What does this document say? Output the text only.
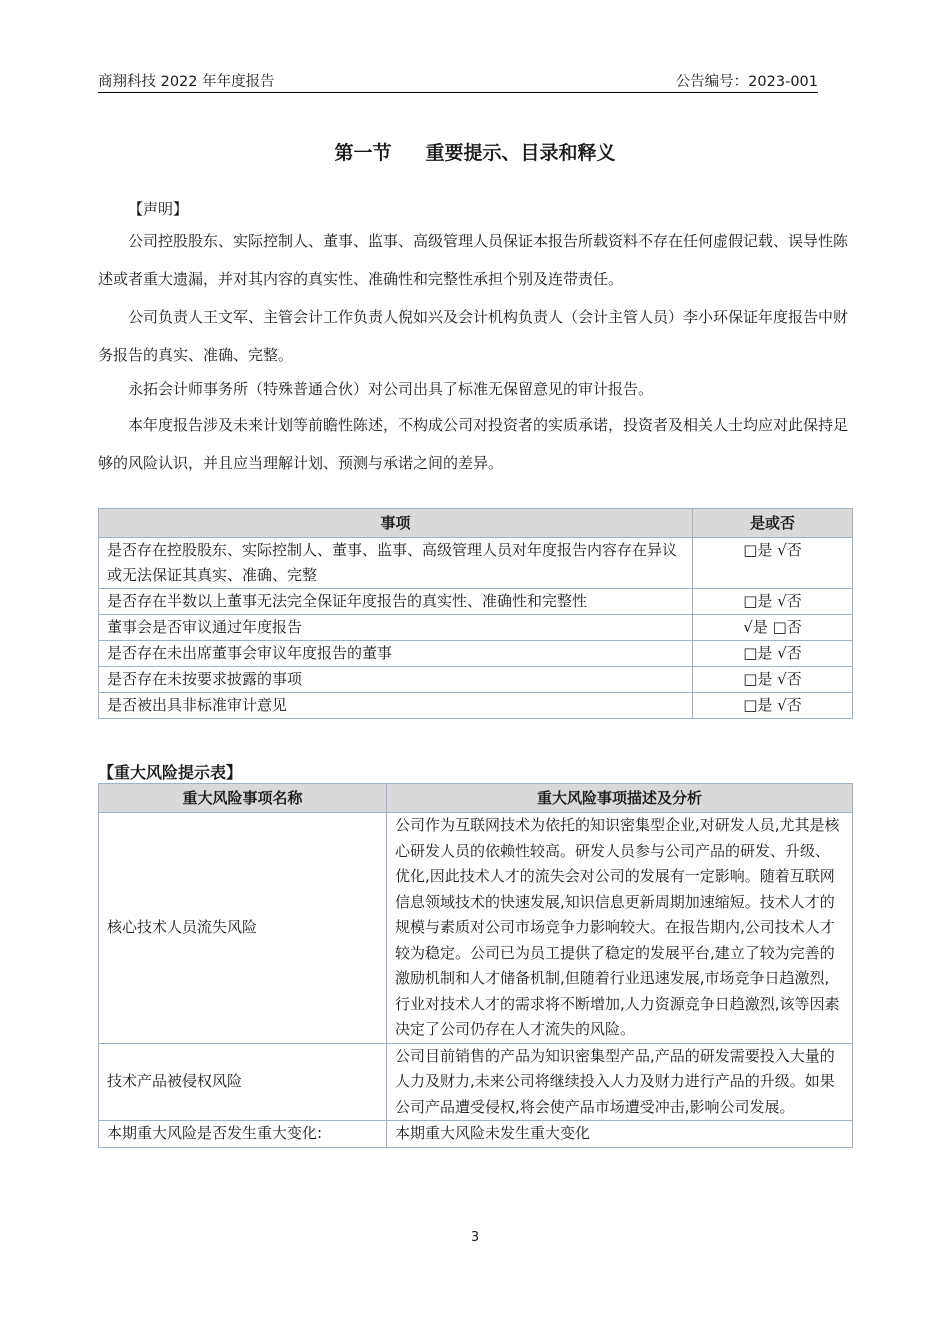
商翔科技 2022 年年度报告	公告编号：2023-001
第一节 重要提示、目录和释义

【声明】

公司控股股东、实际控制人、董事、监事、高级管理人员保证本报告所载资料不存在任何虚假记载、误导性陈述或者重大遗漏，并对其内容的真实性、准确性和完整性承担个别及连带责任。

公司负责人王文军、主管会计工作负责人倪如兴及会计机构负责人（会计主管人员）李小环保证年度报告中财务报告的真实、准确、完整。

永拓会计师事务所（特殊普通合伙）对公司出具了标准无保留意见的审计报告。

本年度报告涉及未来计划等前瞻性陈述，不构成公司对投资者的实质承诺，投资者及相关人士均应对此保持足够的风险认识，并且应当理解计划、预测与承诺之间的差异。

事项	是或否
是否存在控股股东、实际控制人、董事、监事、高级管理人员对年度报告内容存在异议或无法保证其真实、准确、完整	□是 √否
是否存在半数以上董事无法完全保证年度报告的真实性、准确性和完整性	□是 √否
董事会是否审议通过年度报告	√是 □否
是否存在未出席董事会审议年度报告的董事	□是 √否
是否存在未按要求披露的事项	□是 √否
是否被出具非标准审计意见	□是 √否
【重大风险提示表】
重大风险事项名称	重大风险事项描述及分析
核心技术人员流失风险	公司作为互联网技术为依托的知识密集型企业,对研发人员,尤其是核心研发人员的依赖性较高。研发人员参与公司产品的研发、升级、优化,因此技术人才的流失会对公司的发展有一定影响。随着互联网信息领域技术的快速发展,知识信息更新周期加速缩短。技术人才的规模与素质对公司市场竞争力影响较大。在报告期内,公司技术人才较为稳定。公司已为员工提供了稳定的发展平台,建立了较为完善的激励机制和人才储备机制,但随着行业迅速发展,市场竞争日趋激烈,行业对技术人才的需求将不断增加,人力资源竞争日趋激烈,该等因素决定了公司仍存在人才流失的风险。
技术产品被侵权风险	公司目前销售的产品为知识密集型产品,产品的研发需要投入大量的人力及财力,未来公司将继续投入人力及财力进行产品的升级。如果公司产品遭受侵权,将会使产品市场遭受冲击,影响公司发展。
本期重大风险是否发生重大变化:	本期重大风险未发生重大变化
3
